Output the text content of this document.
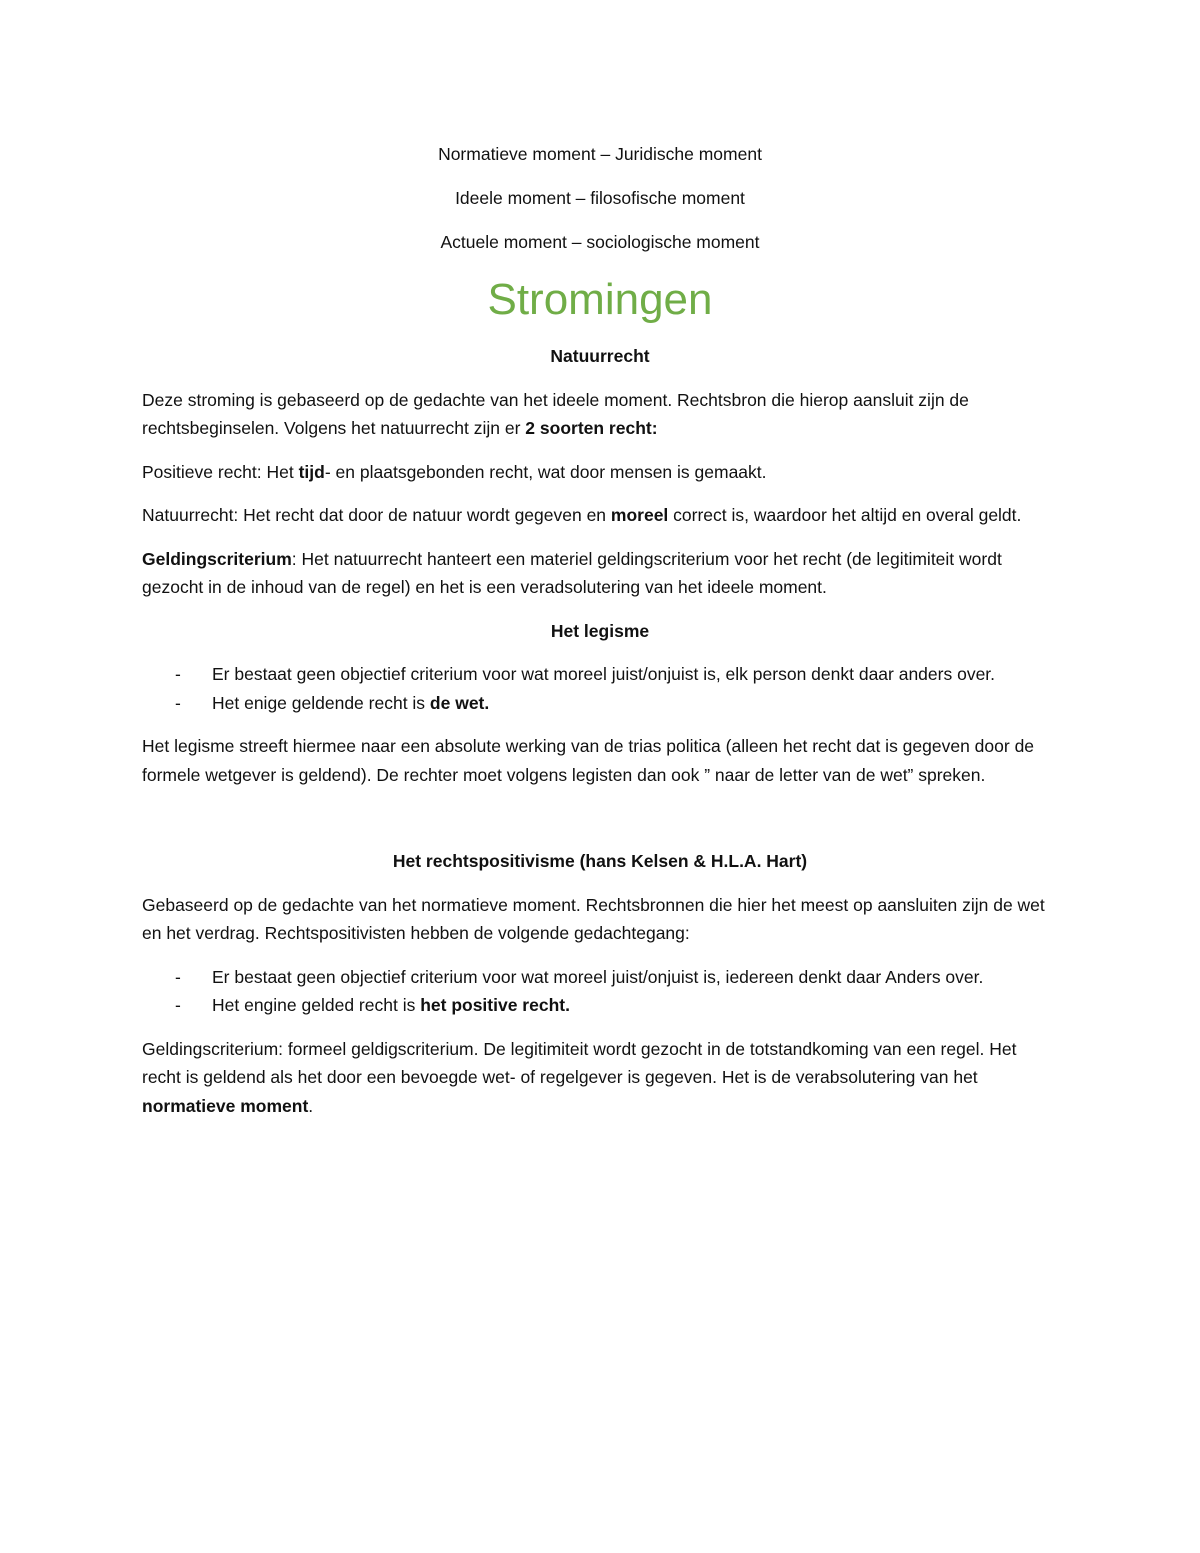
Normatieve moment – Juridische moment

Ideele moment – filosofische moment

Actuele moment – sociologische moment

Stromingen

Natuurrecht

Deze stroming is gebaseerd op de gedachte van het ideele moment. Rechtsbron die hierop aansluit zijn de rechtsbeginselen. Volgens het natuurrecht zijn er 2 soorten recht:

Positieve recht: Het tijd- en plaatsgebonden recht, wat door mensen is gemaakt.

Natuurrecht: Het recht dat door de natuur wordt gegeven en moreel correct is, waardoor het altijd en overal geldt.

Geldingscriterium: Het natuurrecht hanteert een materiel geldingscriterium voor het recht (de legitimiteit wordt gezocht in de inhoud van de regel) en het is een veradsolutering van het ideele moment.

Het legisme

- Er bestaat geen objectief criterium voor wat moreel juist/onjuist is, elk person denkt daar anders over.
- Het enige geldende recht is de wet.

Het legisme streeft hiermee naar een absolute werking van de trias politica (alleen het recht dat is gegeven door de formele wetgever is geldend). De rechter moet volgens legisten dan ook ” naar de letter van de wet” spreken.

Het rechtspositivisme (hans Kelsen & H.L.A. Hart)

Gebaseerd op de gedachte van het normatieve moment. Rechtsbronnen die hier het meest op aansluiten zijn de wet en het verdrag. Rechtspositivisten hebben de volgende gedachtegang:

- Er bestaat geen objectief criterium voor wat moreel juist/onjuist is, iedereen denkt daar Anders over.
- Het engine gelded recht is het positive recht.

Geldingscriterium: formeel geldigscriterium. De legitimiteit wordt gezocht in de totstandkoming van een regel. Het recht is geldend als het door een bevoegde wet- of regelgever is gegeven. Het is de verabsolutering van het normatieve moment.
